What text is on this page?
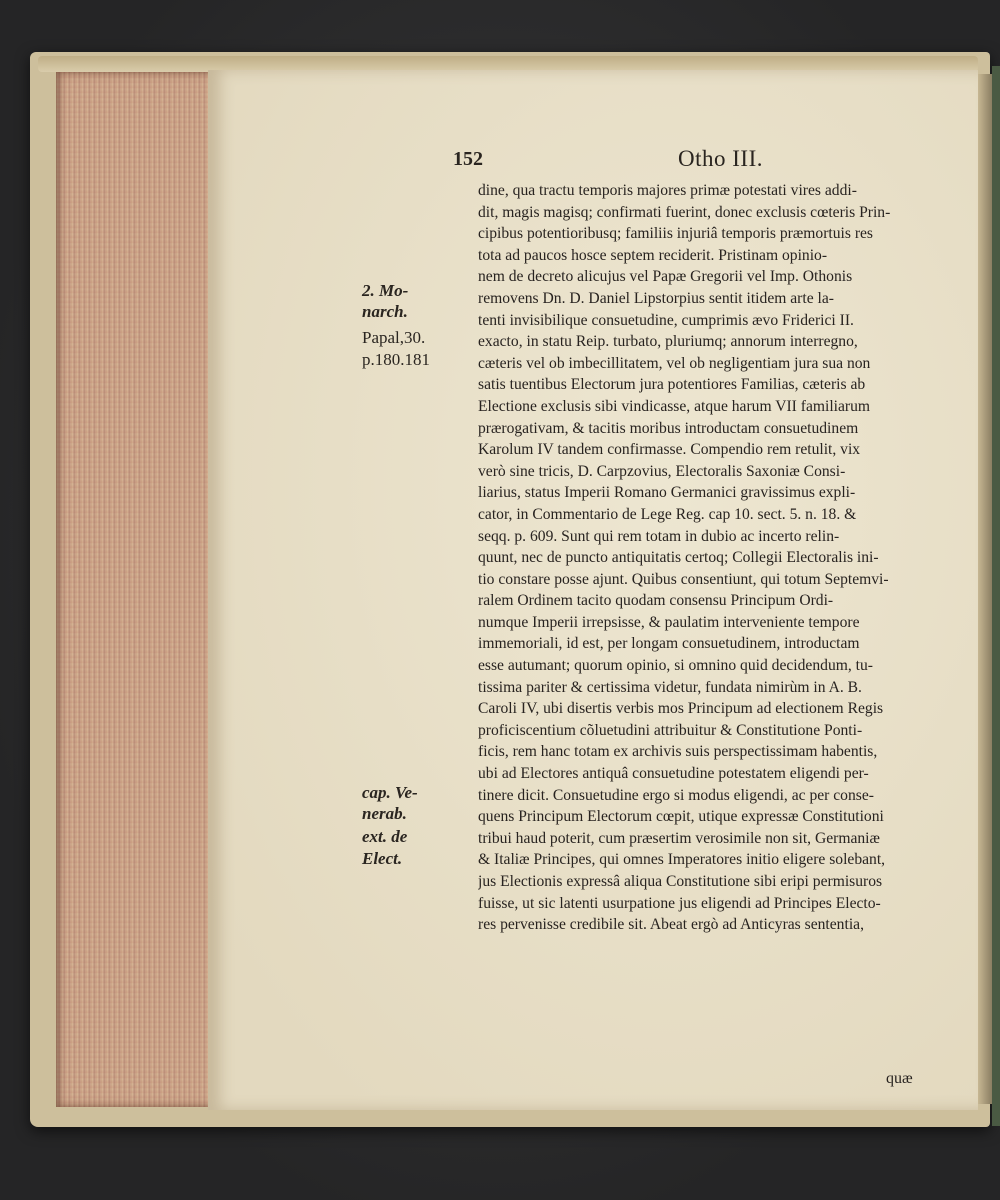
152	Otho III.
2. Mo-
narch.
Papal,30.
p.180.181
cap. Ve-
nerab.
ext. de
Elect.
dine, qua tractu temporis majores primæ potestati vires addi-
dit, magis magisq; confirmati fuerint, donec exclusis cœteris Prin-
cipibus potentioribusq; familiis injuriâ temporis præmortuis res
tota ad paucos hosce septem reciderit. Pristinam opinio-
nem de decreto alicujus vel Papæ Gregorii vel Imp. Othonis
removens Dn. D. Daniel Lipstorpius sentit itidem arte la-
tenti invisibilique consuetudine, cumprimis ævo Friderici II.
exacto, in statu Reip. turbato, pluriumq; annorum interregno,
cæteris vel ob imbecillitatem, vel ob negligentiam jura sua non
satis tuentibus Electorum jura potentiores Familias, cæteris ab
Electione exclusis sibi vindicasse, atque harum VII familiarum
prærogativam, & tacitis moribus introductam consuetudinem
Karolum IV tandem confirmasse. Compendio rem retulit, vix
verò sine tricis, D. Carpzovius, Electoralis Saxoniæ Consi-
liarius, status Imperii Romano Germanici gravissimus expli-
cator, in Commentario de Lege Reg. cap 10. sect. 5. n. 18. &
seqq. p. 609. Sunt qui rem totam in dubio ac incerto relin-
quunt, nec de puncto antiquitatis certoq; Collegii Electoralis ini-
tio constare posse ajunt. Quibus consentiunt, qui totum Septemvi-
ralem Ordinem tacito quodam consensu Principum Ordi-
numque Imperii irrepsisse, & paulatim interveniente tempore
immemoriali, id est, per longam consuetudinem, introductam
esse autumant; quorum opinio, si omnino quid decidendum, tu-
tissima pariter & certissima videtur, fundata nimirùm in A. B.
Caroli IV, ubi disertis verbis mos Principum ad electionem Regis
proficiscentium cõluetudini attribuitur & Constitutione Ponti-
ficis, rem hanc totam ex archivis suis perspectissimam habentis,
ubi ad Electores antiquâ consuetudine potestatem eligendi per-
tinere dicit. Consuetudine ergo si modus eligendi, ac per conse-
quens Principum Electorum cœpit, utique expressæ Constitutioni
tribui haud poterit, cum præsertim verosimile non sit, Germaniæ
& Italiæ Principes, qui omnes Imperatores initio eligere solebant,
jus Electionis expressâ aliqua Constitutione sibi eripi permisuros
fuisse, ut sic latenti usurpatione jus eligendi ad Principes Electo-
res pervenisse credibile sit. Abeat ergò ad Anticyras sententia,
quæ
